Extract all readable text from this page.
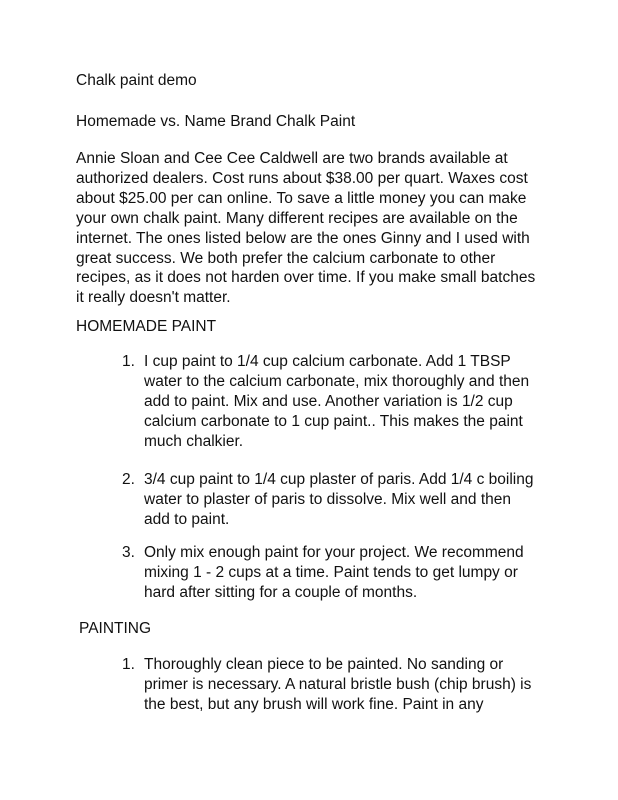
Chalk paint demo
Homemade vs. Name Brand Chalk Paint
Annie Sloan and Cee Cee Caldwell are two brands available at
authorized dealers. Cost runs about $38.00 per quart. Waxes cost
about $25.00 per can online. To save a little money you can make
your own chalk paint. Many different recipes are available on the
internet. The ones listed below are the ones Ginny and I used with
great success. We both prefer the calcium carbonate to other
recipes, as it does not harden over time. If you make small batches
it really doesn't matter.
HOMEMADE PAINT
1. I cup paint to 1/4 cup calcium carbonate. Add 1 TBSP
water to the calcium carbonate, mix thoroughly and then
add to paint. Mix and use. Another variation is 1/2 cup
calcium carbonate to 1 cup paint.. This makes the paint
much chalkier.
2. 3/4 cup paint to 1/4 cup plaster of paris. Add 1/4 c boiling
water to plaster of paris to dissolve. Mix well and then
add to paint.
3. Only mix enough paint for your project. We recommend
mixing 1 - 2 cups at a time. Paint tends to get lumpy or
hard after sitting for a couple of months.
PAINTING
1. Thoroughly clean piece to be painted. No sanding or
primer is necessary. A natural bristle bush (chip brush) is
the best, but any brush will work fine. Paint in any
